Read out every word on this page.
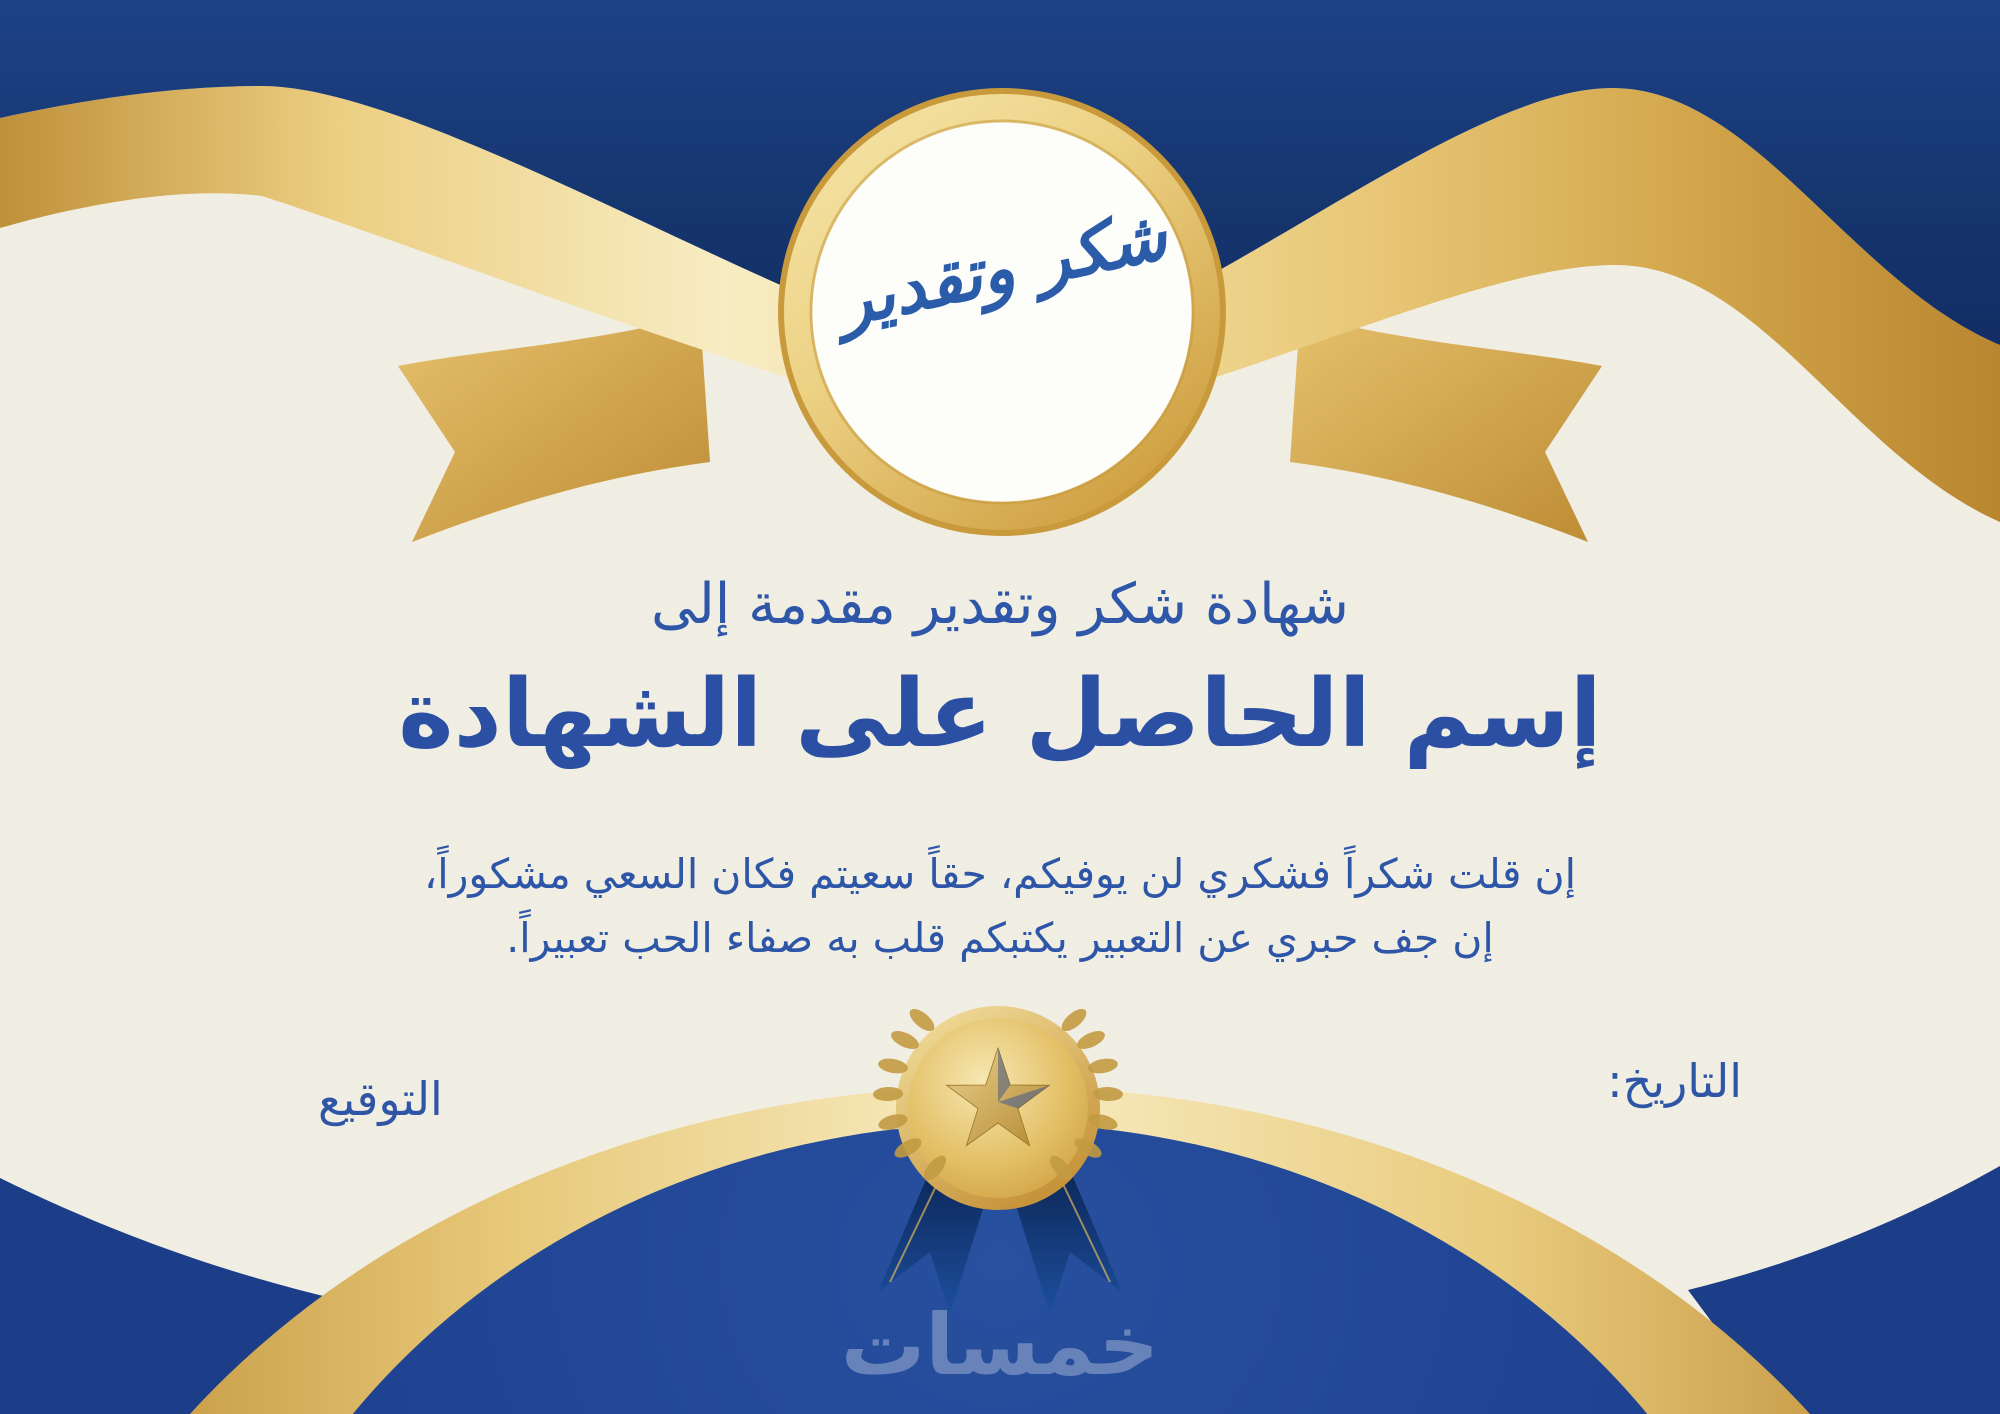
شكر وتقدير
شهادة شكر وتقدير مقدمة إلى
إسم الحاصل على الشهادة
إن قلت شكراً فشكري لن يوفيكم، حقاً سعيتم فكان السعي مشكوراً،
إن جف حبري عن التعبير يكتبكم قلب به صفاء الحب تعبيراً.
التاريخ:
التوقيع
خمسات
